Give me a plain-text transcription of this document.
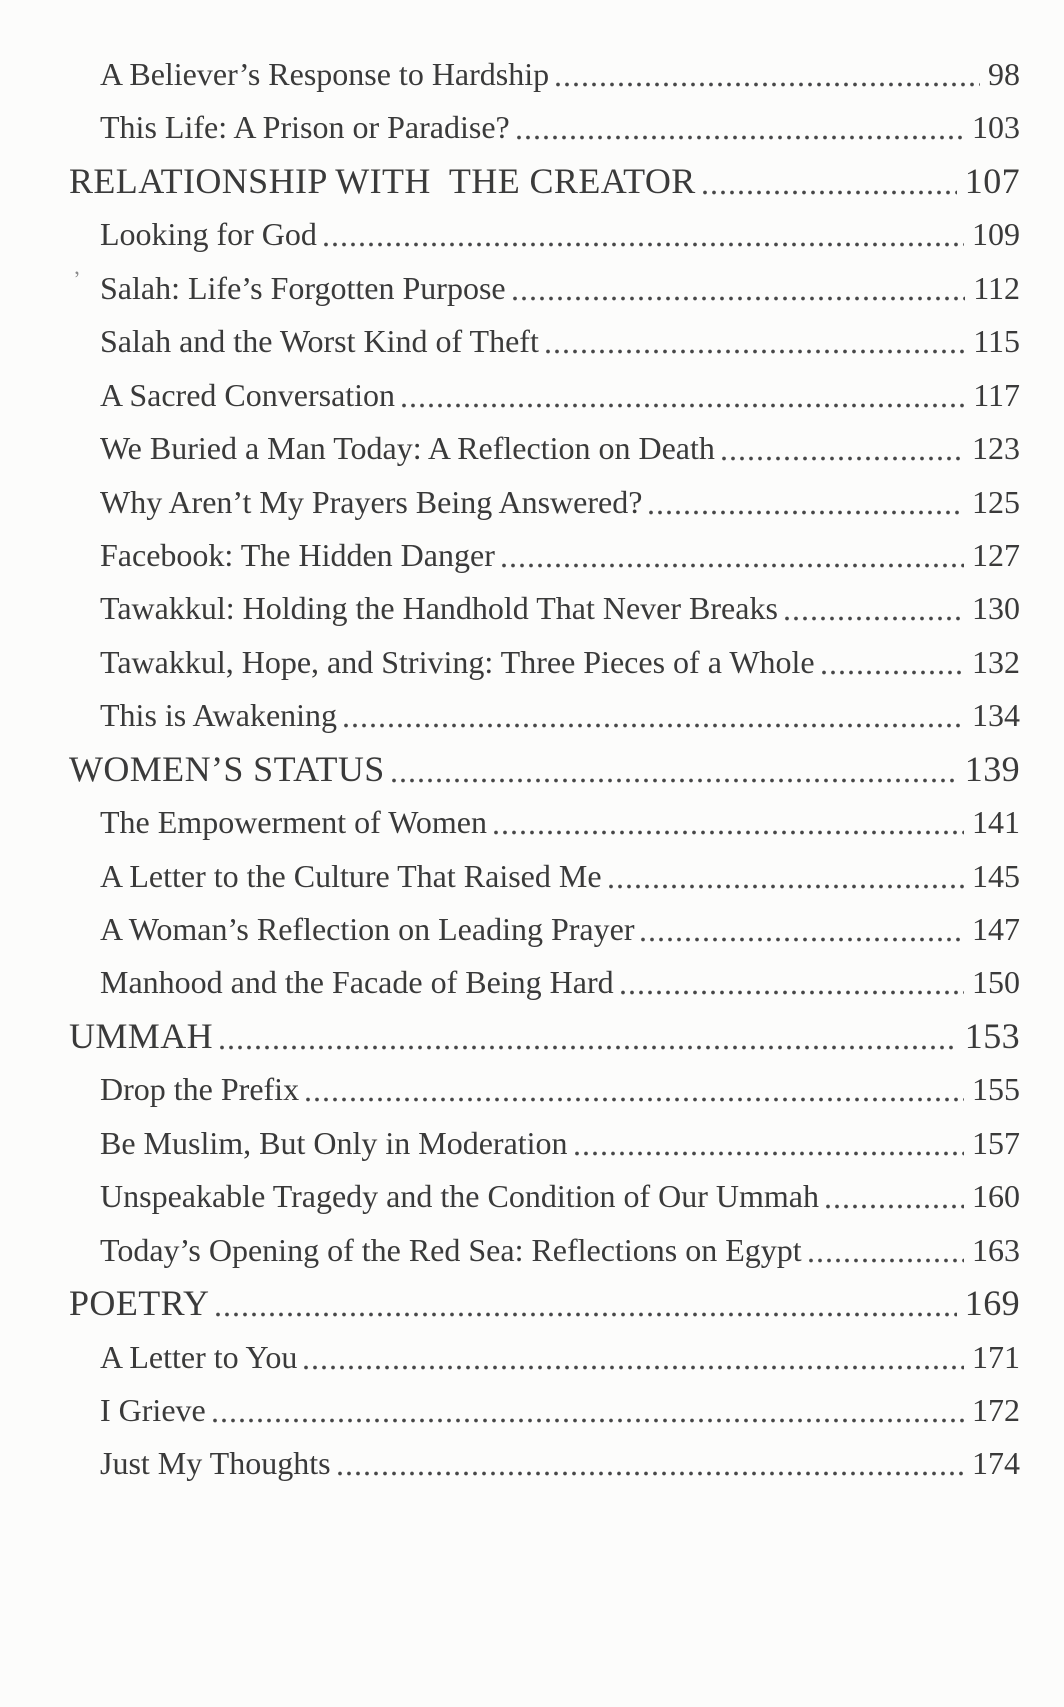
’
A Believer’s Response to Hardship	98
This Life: A Prison or Paradise?	103
RELATIONSHIP WITH  THE CREATOR	107
Looking for God	109
Salah: Life’s Forgotten Purpose	112
Salah and the Worst Kind of Theft	115
A Sacred Conversation	117
We Buried a Man Today: A Reflection on Death	123
Why Aren’t My Prayers Being Answered?	125
Facebook: The Hidden Danger	127
Tawakkul: Holding the Handhold That Never Breaks	130
Tawakkul, Hope, and Striving: Three Pieces of a Whole	132
This is Awakening	134
WOMEN’S STATUS	139
The Empowerment of Women	141
A Letter to the Culture That Raised Me	145
A Woman’s Reflection on Leading Prayer	147
Manhood and the Facade of Being Hard	150
UMMAH	153
Drop the Prefix	155
Be Muslim, But Only in Moderation	157
Unspeakable Tragedy and the Condition of Our Ummah	160
Today’s Opening of the Red Sea: Reflections on Egypt	163
POETRY	169
A Letter to You	171
I Grieve	172
Just My Thoughts	174
